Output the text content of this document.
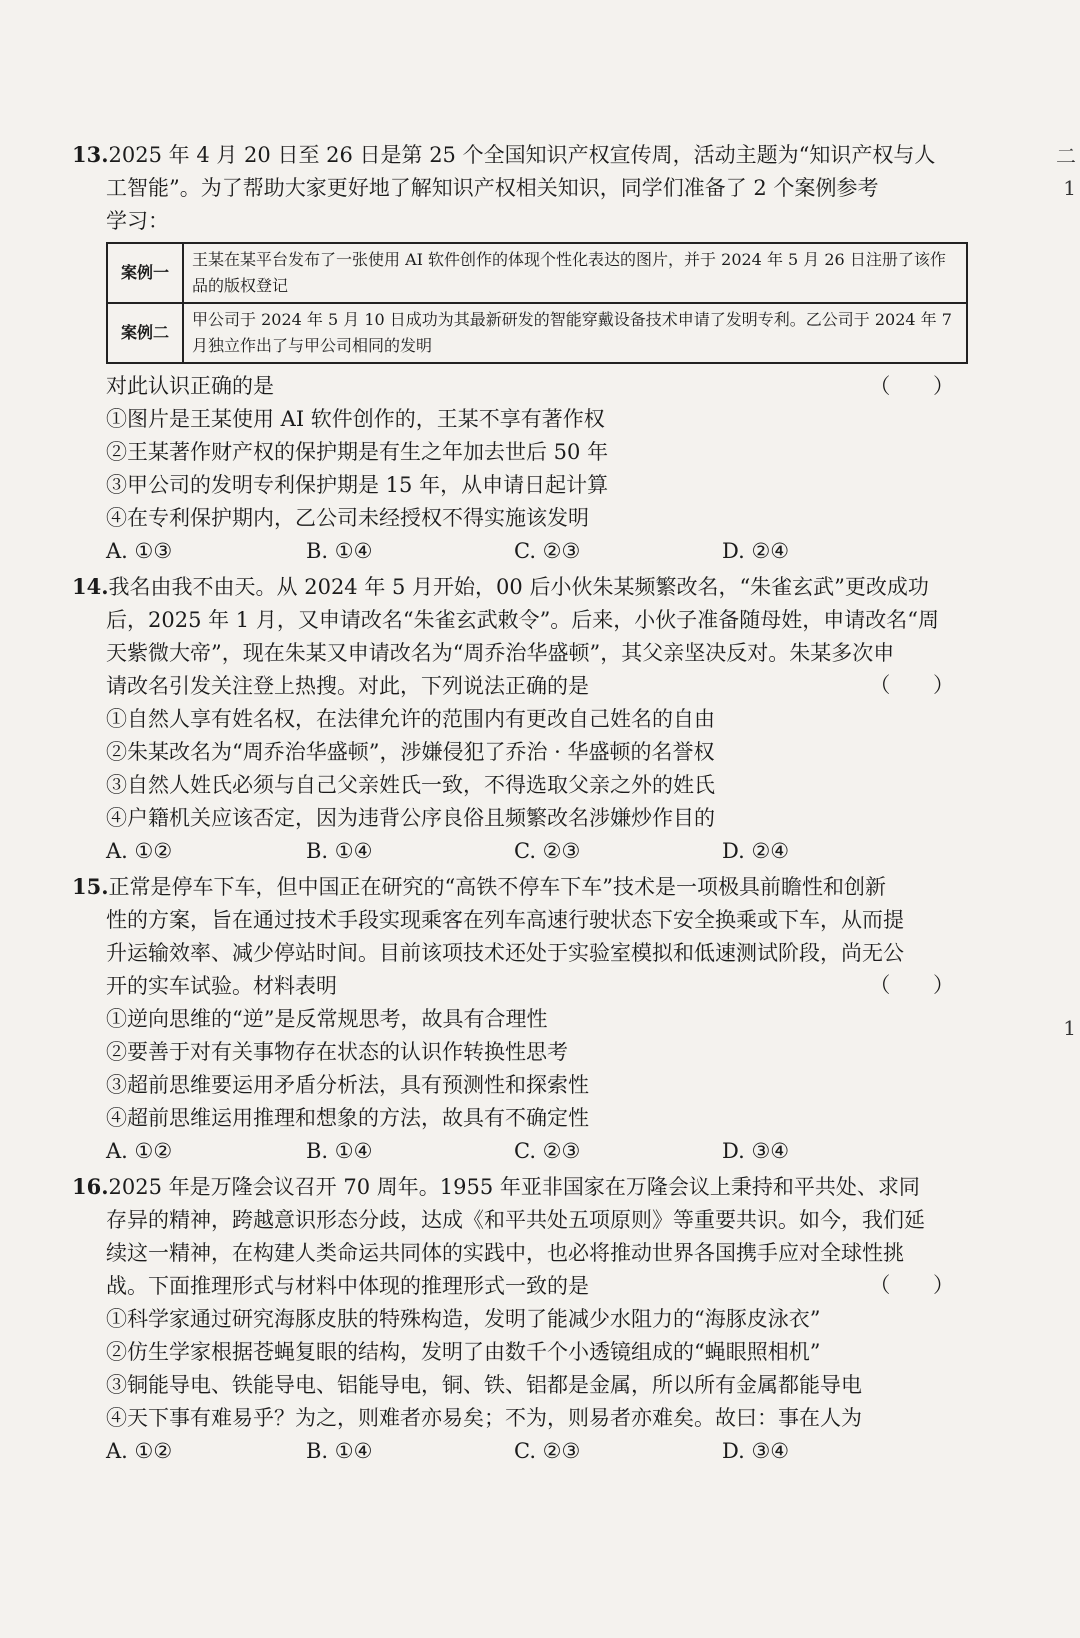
13.2025 年 4 月 20 日至 26 日是第 25 个全国知识产权宣传周，活动主题为“知识产权与人
工智能”。为了帮助大家更好地了解知识产权相关知识，同学们准备了 2 个案例参考
学习：
案例一	王某在某平台发布了一张使用 AI 软件创作的体现个性化表达的图片，并于 2024 年 5 月 26 日注册了该作品的版权登记
案例二	甲公司于 2024 年 5 月 10 日成功为其最新研发的智能穿戴设备技术申请了发明专利。乙公司于 2024 年 7 月独立作出了与甲公司相同的发明
对此认识正确的是	（ ）
①图片是王某使用 AI 软件创作的，王某不享有著作权
②王某著作财产权的保护期是有生之年加去世后 50 年
③甲公司的发明专利保护期是 15 年，从申请日起计算
④在专利保护期内，乙公司未经授权不得实施该发明
A. ①③	B. ①④	C. ②③	D. ②④
14.我名由我不由天。从 2024 年 5 月开始，00 后小伙朱某频繁改名，“朱雀玄武”更改成功
后，2025 年 1 月，又申请改名“朱雀玄武敕令”。后来，小伙子准备随母姓，申请改名“周
天紫微大帝”，现在朱某又申请改名为“周乔治华盛顿”，其父亲坚决反对。朱某多次申
请改名引发关注登上热搜。对此，下列说法正确的是	（ ）
①自然人享有姓名权，在法律允许的范围内有更改自己姓名的自由
②朱某改名为“周乔治华盛顿”，涉嫌侵犯了乔治 · 华盛顿的名誉权
③自然人姓氏必须与自己父亲姓氏一致，不得选取父亲之外的姓氏
④户籍机关应该否定，因为违背公序良俗且频繁改名涉嫌炒作目的
A. ①②	B. ①④	C. ②③	D. ②④
15.正常是停车下车，但中国正在研究的“高铁不停车下车”技术是一项极具前瞻性和创新
性的方案，旨在通过技术手段实现乘客在列车高速行驶状态下安全换乘或下车，从而提
升运输效率、减少停站时间。目前该项技术还处于实验室模拟和低速测试阶段，尚无公
开的实车试验。材料表明	（ ）
①逆向思维的“逆”是反常规思考，故具有合理性
②要善于对有关事物存在状态的认识作转换性思考
③超前思维要运用矛盾分析法，具有预测性和探索性
④超前思维运用推理和想象的方法，故具有不确定性
A. ①②	B. ①④	C. ②③	D. ③④
16.2025 年是万隆会议召开 70 周年。1955 年亚非国家在万隆会议上秉持和平共处、求同
存异的精神，跨越意识形态分歧，达成《和平共处五项原则》等重要共识。如今，我们延
续这一精神，在构建人类命运共同体的实践中，也必将推动世界各国携手应对全球性挑
战。下面推理形式与材料中体现的推理形式一致的是	（ ）
①科学家通过研究海豚皮肤的特殊构造，发明了能减少水阻力的“海豚皮泳衣”
②仿生学家根据苍蝇复眼的结构，发明了由数千个小透镜组成的“蝇眼照相机”
③铜能导电、铁能导电、铝能导电，铜、铁、铝都是金属，所以所有金属都能导电
④天下事有难易乎？为之，则难者亦易矣；不为，则易者亦难矣。故曰：事在人为
A. ①②	B. ①④	C. ②③	D. ③④
二
1
1
